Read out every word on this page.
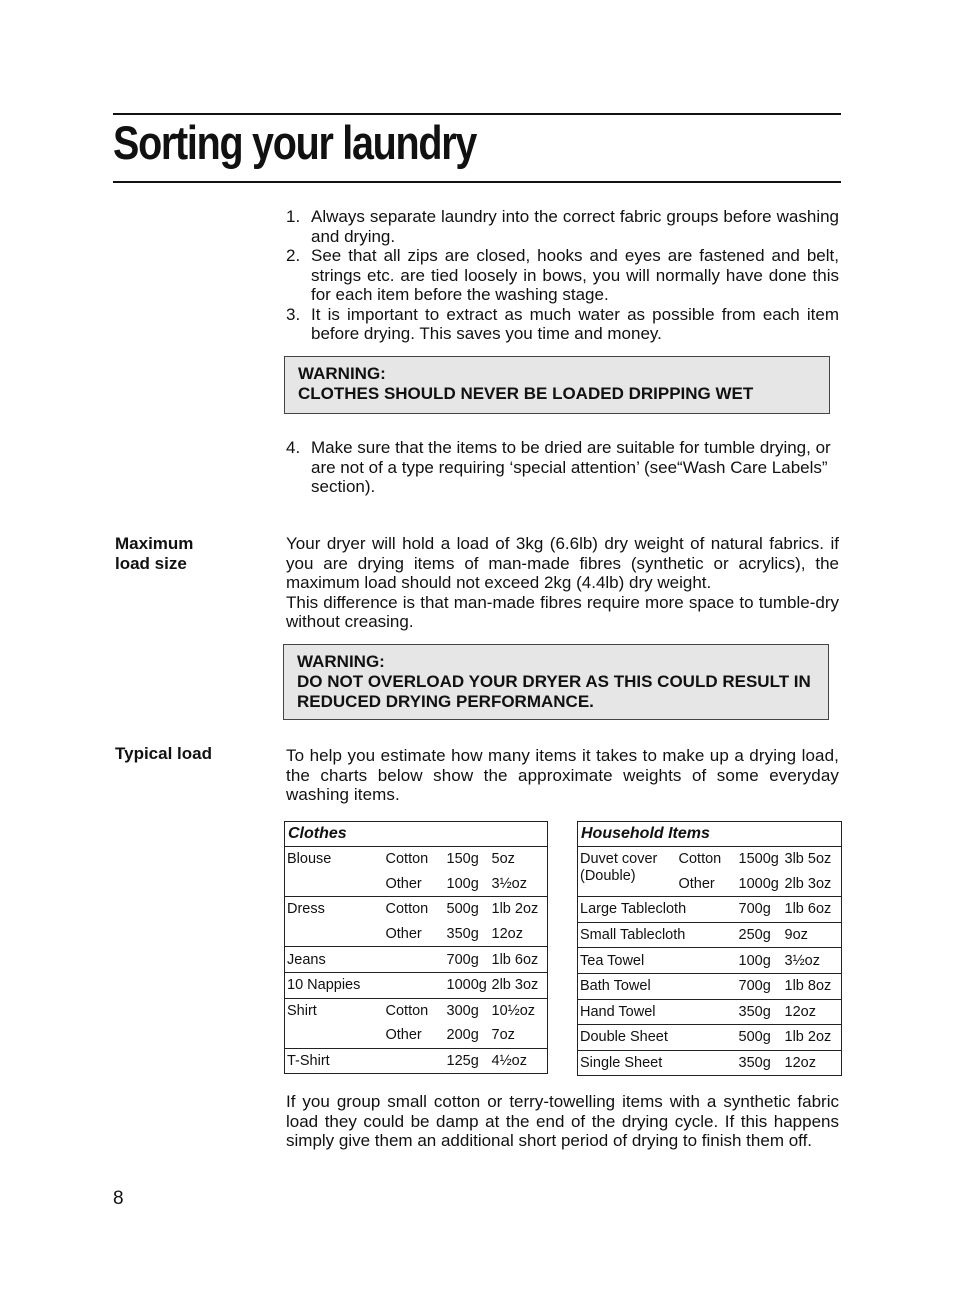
Sorting your laundry
1. Always separate laundry into the correct fabric groups before washing and drying.
2. See that all zips are closed, hooks and eyes are fastened and belt, strings etc. are tied loosely in bows, you will normally have done this for each item before the washing stage.
3. It is important to extract as much water as possible from each item before drying. This saves you time and money.
WARNING:
CLOTHES SHOULD NEVER BE LOADED DRIPPING WET
4. Make sure that the items to be dried are suitable for tumble drying, or are not of a type requiring ‘special attention’ (see“Wash Care Labels” section).
Maximum
load size
Your dryer will hold a load of 3kg (6.6lb) dry weight of natural fabrics. if you are drying items of man-made fibres (synthetic or acrylics), the maximum load should not exceed 2kg (4.4lb) dry weight.
This difference is that man-made fibres require more space to tumble-dry without creasing.
WARNING:
DO NOT OVERLOAD YOUR DRYER AS THIS COULD RESULT IN REDUCED DRYING PERFORMANCE.
Typical load	To help you estimate how many items it takes to make up a drying load, the charts below show the approximate weights of some everyday washing items.
Clothes			
Blouse	Cotton	150g	5oz
	Other	100g	3½oz
Dress	Cotton	500g	1lb 2oz
	Other	350g	12oz
Jeans		700g	1lb 6oz
10 Nappies		1000g	2lb 3oz
Shirt	Cotton	300g	10½oz
	Other	200g	7oz
T-Shirt		125g	4½oz
Household Items			
Duvet cover (Double)	Cotton	1500g	3lb 5oz
	Other	1000g	2lb 3oz
Large Tablecloth		700g	1lb 6oz
Small Tablecloth		250g	9oz
Tea Towel		100g	3½oz
Bath Towel		700g	1lb 8oz
Hand Towel		350g	12oz
Double Sheet		500g	1lb 2oz
Single Sheet		350g	12oz
If you group small cotton or terry-towelling items with a synthetic fabric load they could be damp at the end of the drying cycle. If this happens simply give them an additional short period of drying to finish them off.
8
